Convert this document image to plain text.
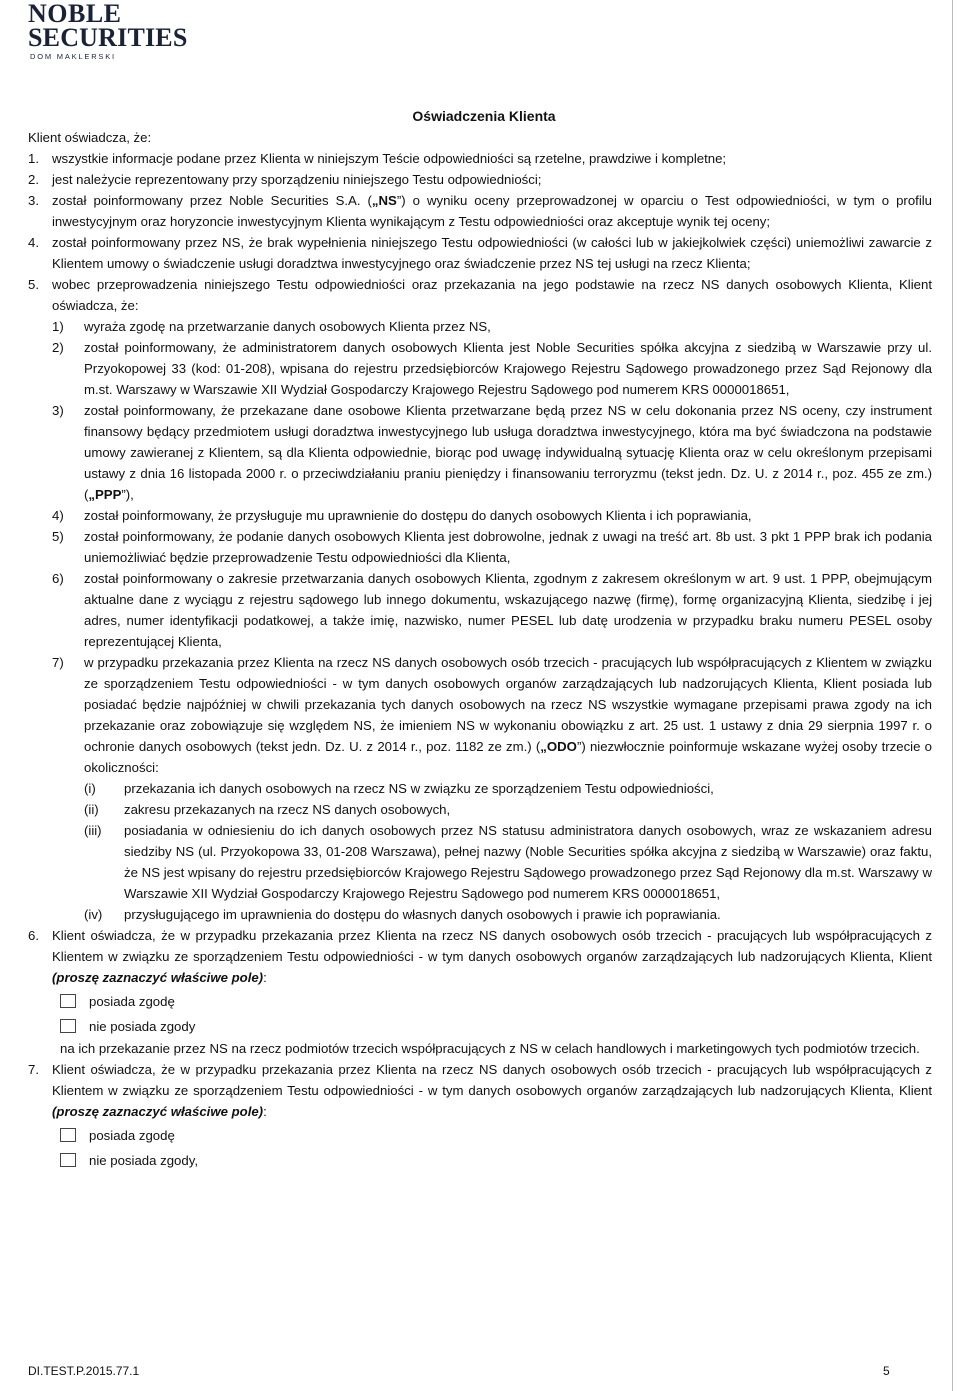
NOBLE
SECURITIES
DOM MAKLERSKI

Oświadczenia Klienta

Klient oświadcza, że:

1. wszystkie informacje podane przez Klienta w niniejszym Teście odpowiedniości są rzetelne, prawdziwe i kompletne;
2. jest należycie reprezentowany przy sporządzeniu niniejszego Testu odpowiedniości;
3. został poinformowany przez Noble Securities S.A. („NS”) o wyniku oceny przeprowadzonej w oparciu o Test odpowiedniości, w tym o profilu inwestycyjnym oraz horyzoncie inwestycyjnym Klienta wynikającym z Testu odpowiedniości oraz akceptuje wynik tej oceny;
4. został poinformowany przez NS, że brak wypełnienia niniejszego Testu odpowiedniości (w całości lub w jakiejkolwiek części) uniemożliwi zawarcie z Klientem umowy o świadczenie usługi doradztwa inwestycyjnego oraz świadczenie przez NS tej usługi na rzecz Klienta;
5. wobec przeprowadzenia niniejszego Testu odpowiedniości oraz przekazania na jego podstawie na rzecz NS danych osobowych Klienta, Klient oświadcza, że:
1)	wyraża zgodę na przetwarzanie danych osobowych Klienta przez NS,
2)	został poinformowany, że administratorem danych osobowych Klienta jest Noble Securities spółka akcyjna z siedzibą w Warszawie przy ul. Przyokopowej 33 (kod: 01-208), wpisana do rejestru przedsiębiorców Krajowego Rejestru Sądowego prowadzonego przez Sąd Rejonowy dla m.st. Warszawy w Warszawie XII Wydział Gospodarczy Krajowego Rejestru Sądowego pod numerem KRS 0000018651,
3)	został poinformowany, że przekazane dane osobowe Klienta przetwarzane będą przez NS w celu dokonania przez NS oceny, czy instrument finansowy będący przedmiotem usługi doradztwa inwestycyjnego lub usługa doradztwa inwestycyjnego, która ma być świadczona na podstawie umowy zawieranej z Klientem, są dla Klienta odpowiednie, biorąc pod uwagę indywidualną sytuację Klienta oraz w celu określonym przepisami ustawy z dnia 16 listopada 2000 r. o przeciwdziałaniu praniu pieniędzy i finansowaniu terroryzmu (tekst jedn. Dz. U. z 2014 r., poz. 455 ze zm.) („PPP”),
4)	został poinformowany, że przysługuje mu uprawnienie do dostępu do danych osobowych Klienta i ich poprawiania,
5)	został poinformowany, że podanie danych osobowych Klienta jest dobrowolne, jednak z uwagi na treść art. 8b ust. 3 pkt 1 PPP brak ich podania uniemożliwiać będzie przeprowadzenie Testu odpowiedniości dla Klienta,
6)	został poinformowany o zakresie przetwarzania danych osobowych Klienta, zgodnym z zakresem określonym w art. 9 ust. 1 PPP, obejmującym aktualne dane z wyciągu z rejestru sądowego lub innego dokumentu, wskazującego nazwę (firmę), formę organizacyjną Klienta, siedzibę i jej adres, numer identyfikacji podatkowej, a także imię, nazwisko, numer PESEL lub datę urodzenia w przypadku braku numeru PESEL osoby reprezentującej Klienta,
7)	w przypadku przekazania przez Klienta na rzecz NS danych osobowych osób trzecich - pracujących lub współpracujących z Klientem w związku ze sporządzeniem Testu odpowiedniości - w tym danych osobowych organów zarządzających lub nadzorujących Klienta, Klient posiada lub posiadać będzie najpóźniej w chwili przekazania tych danych osobowych na rzecz NS wszystkie wymagane przepisami prawa zgody na ich przekazanie oraz zobowiązuje się względem NS, że imieniem NS w wykonaniu obowiązku z art. 25 ust. 1 ustawy z dnia 29 sierpnia 1997 r. o ochronie danych osobowych (tekst jedn. Dz. U. z 2014 r., poz. 1182 ze zm.) („ODO”) niezwłocznie poinformuje wskazane wyżej osoby trzecie o okoliczności:
(i)	przekazania ich danych osobowych na rzecz NS w związku ze sporządzeniem Testu odpowiedniości,
(ii)	zakresu przekazanych na rzecz NS danych osobowych,
(iii)	posiadania w odniesieniu do ich danych osobowych przez NS statusu administratora danych osobowych, wraz ze wskazaniem adresu siedziby NS (ul. Przyokopowa 33, 01-208 Warszawa), pełnej nazwy (Noble Securities spółka akcyjna z siedzibą w Warszawie) oraz faktu, że NS jest wpisany do rejestru przedsiębiorców Krajowego Rejestru Sądowego prowadzonego przez Sąd Rejonowy dla m.st. Warszawy w Warszawie XII Wydział Gospodarczy Krajowego Rejestru Sądowego pod numerem KRS 0000018651,
(iv)	przysługującego im uprawnienia do dostępu do własnych danych osobowych i prawie ich poprawiania.
6. Klient oświadcza, że w przypadku przekazania przez Klienta na rzecz NS danych osobowych osób trzecich - pracujących lub współpracujących z Klientem w związku ze sporządzeniem Testu odpowiedniości - w tym danych osobowych organów zarządzających lub nadzorujących Klienta, Klient (proszę zaznaczyć właściwe pole):
posiada zgodę
nie posiada zgody

na ich przekazanie przez NS na rzecz podmiotów trzecich współpracujących z NS w celach handlowych i marketingowych tych podmiotów trzecich.

7. Klient oświadcza, że w przypadku przekazania przez Klienta na rzecz NS danych osobowych osób trzecich - pracujących lub współpracujących z Klientem w związku ze sporządzeniem Testu odpowiedniości - w tym danych osobowych organów zarządzających lub nadzorujących Klienta, Klient (proszę zaznaczyć właściwe pole):
posiada zgodę
nie posiada zgody,
DI.TEST.P.2015.77.1	5
